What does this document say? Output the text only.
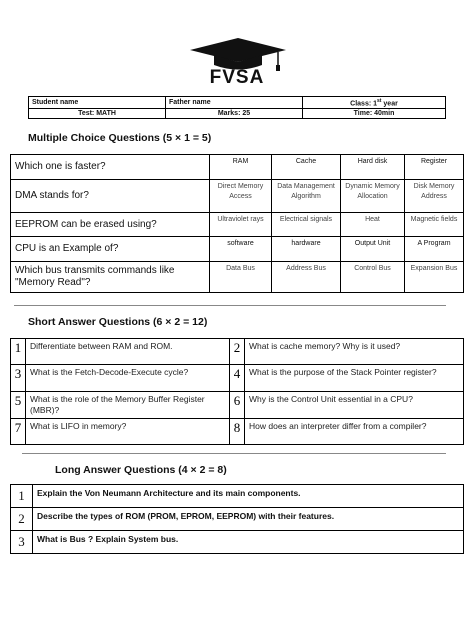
FVSA
Student name	Father name	Class: 1st year
Test: MATH	Marks: 25	Time: 40min
Multiple Choice Questions (5 × 1 = 5)
Which one is faster?	RAM	Cache	Hard disk	Register
DMA stands for?	Direct Memory Access	Data Management Algorithm	Dynamic Memory Allocation	Disk Memory Address
EEPROM can be erased using?	Ultraviolet rays	Electrical signals	Heat	Magnetic fields
CPU is an Example of?	software	hardware	Output Unit	A Program
Which bus transmits commands like "Memory Read"?	Data Bus	Address Bus	Control Bus	Expansion Bus
Short Answer Questions (6 × 2 = 12)
1	Differentiate between RAM and ROM.	2	What is cache memory? Why is it used?
3	What is the Fetch-Decode-Execute cycle?	4	What is the purpose of the Stack Pointer register?
5	What is the role of the Memory Buffer Register (MBR)?	6	Why is the Control Unit essential in a CPU?
7	What is LIFO in memory?	8	How does an interpreter differ from a compiler?
Long Answer Questions (4 × 2 = 8)
1	Explain the Von Neumann Architecture and its main components.
2	Describe the types of ROM (PROM, EPROM, EEPROM) with their features.
3	What is Bus ? Explain System bus.
